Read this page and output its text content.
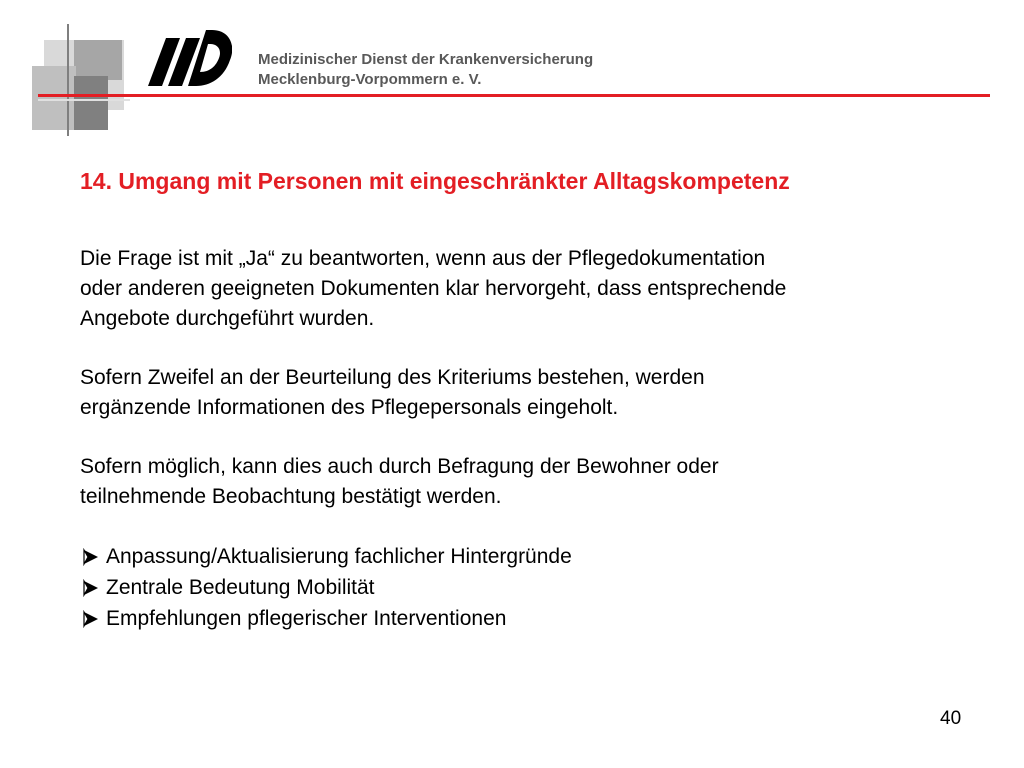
Medizinischer Dienst der Krankenversicherung
Mecklenburg-Vorpommern e. V.
14. Umgang mit Personen mit eingeschränkter Alltagskompetenz
Die Frage ist mit „Ja“ zu beantworten, wenn aus der Pflegedokumentation
oder anderen geeigneten Dokumenten klar hervorgeht, dass entsprechende
Angebote durchgeführt wurden.
Sofern Zweifel an der Beurteilung des Kriteriums bestehen, werden
ergänzende Informationen des Pflegepersonals eingeholt.
Sofern möglich, kann dies auch durch Befragung der Bewohner oder
teilnehmende Beobachtung bestätigt werden.
Anpassung/Aktualisierung fachlicher Hintergründe
Zentrale Bedeutung Mobilität
Empfehlungen pflegerischer Interventionen
40
